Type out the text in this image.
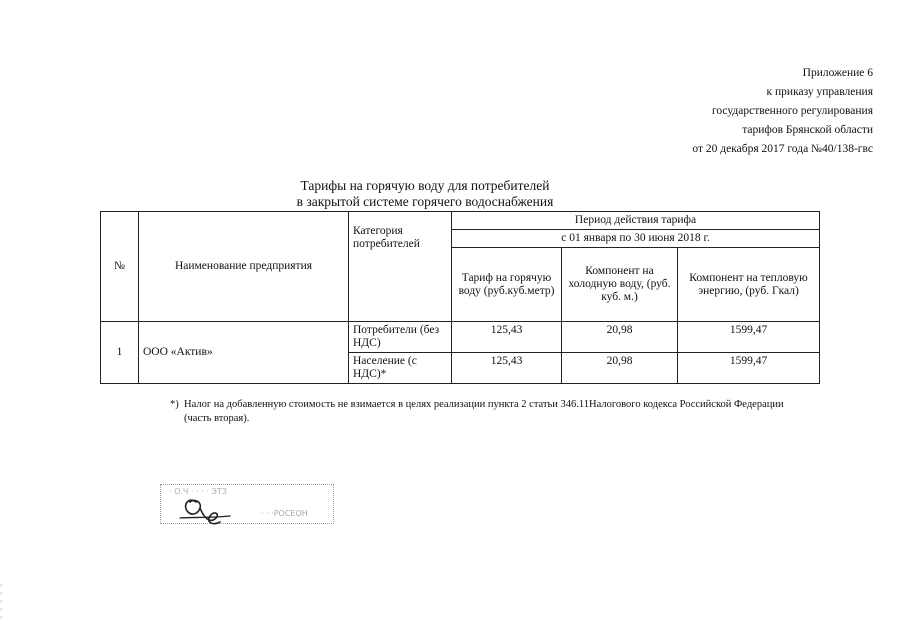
Приложение 6
к приказу управления
государственного регулирования
тарифов Брянской области
от 20 декабря 2017 года №40/138-гвс
Тарифы на горячую воду для потребителей
в закрытой системе горячего водоснабжения
№	Наименование предприятия	Категория потребителей	Период действия тарифа		
			с 01 января по 30 июня 2018 г.		
			Тариф на горячую воду (руб.куб.метр)	Компонент на холодную воду, (руб. куб. м.)	Компонент на тепловую энергию, (руб. Гкал)
1	ООО «Актив»	Потребители (без НДС)	125,43	20,98	1599,47
		Население (с НДС)*	125,43	20,98	1599,47
*) Налог на добавленную стоимость не взимается в целях реализации пункта 2 статьи 346.11Налогового кодекса Российской Федерации (часть вторая).
· О.Ч · · · · ЭТЗ
· · ·РОСЕОН
